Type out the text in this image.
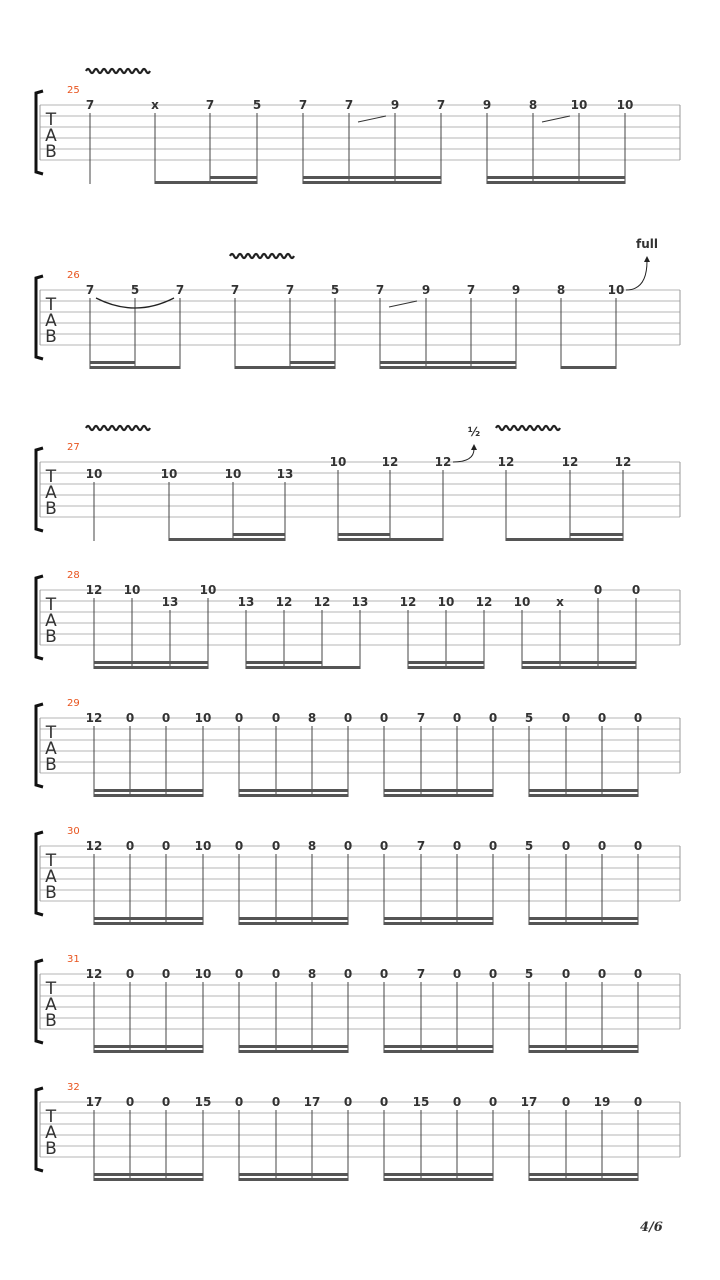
T
A
B
25
7	x	7	5	7	7	9	7	9	8	10 10
T
A
B
26
7	5	7	7	7	5	7	9	7	9	8	10
full
T
A
B
27
10	10	10	13
10	12	12	12	12	12
½
T
A
B
28
12 10
13
10
13 12 12 13	12 10 12 10 x
0 0
T
A
B
29
12 0 0 10 0 0 8 0 0 7 0 0 5 0 0 0
T
A
B
30
12 0 0 10 0 0 8 0 0 7 0 0 5 0 0 0
T
A
B
31
12 0 0 10 0 0 8 0 0 7 0 0 5 0 0 0
T
A
B
32
17 0 0 15 0 0 17 0 0 15 0 0 17 0 19 0
4/6
